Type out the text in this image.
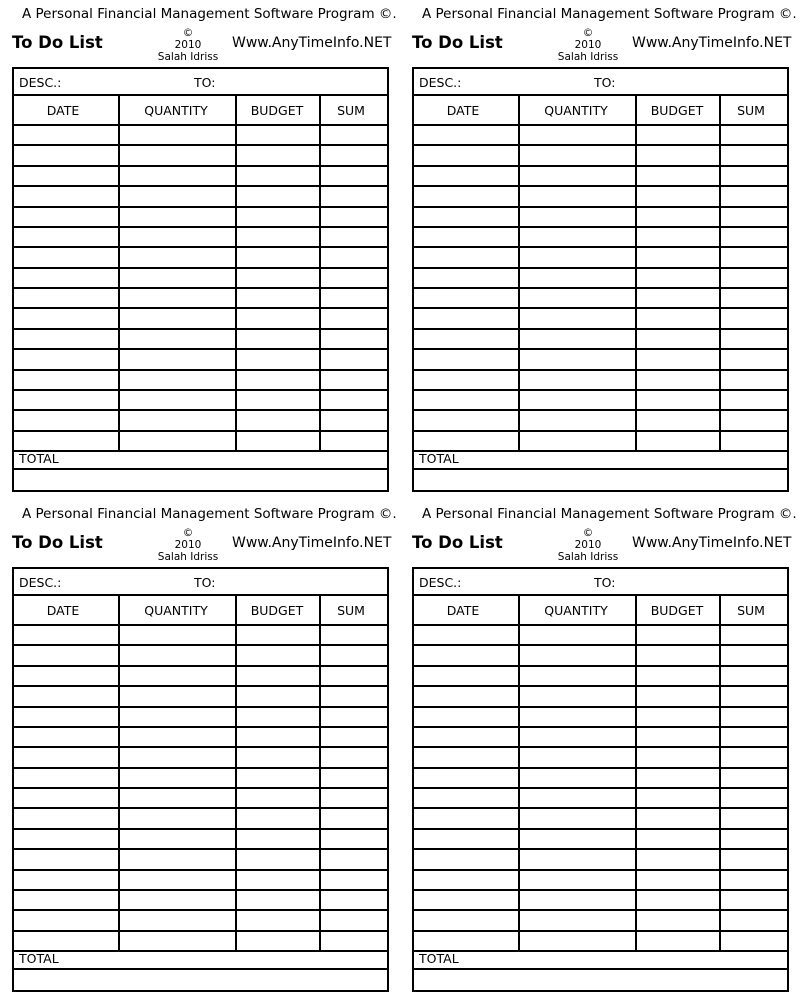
A Personal Financial Management Software Program ©.
To Do List	©
2010
Salah Idriss
Www.AnyTimeInfo.NET
DESC.:	TO:
DATE	QUANTITY	BUDGET	SUM
TOTAL
A Personal Financial Management Software Program ©.
To Do List	©
2010
Salah Idriss
Www.AnyTimeInfo.NET
DESC.:	TO:
DATE	QUANTITY	BUDGET	SUM
TOTAL
A Personal Financial Management Software Program ©.
To Do List	©
2010
Salah Idriss
Www.AnyTimeInfo.NET
DESC.:	TO:
DATE	QUANTITY	BUDGET	SUM
TOTAL
A Personal Financial Management Software Program ©.
To Do List	©
2010
Salah Idriss
Www.AnyTimeInfo.NET
DESC.:	TO:
DATE	QUANTITY	BUDGET	SUM
TOTAL
